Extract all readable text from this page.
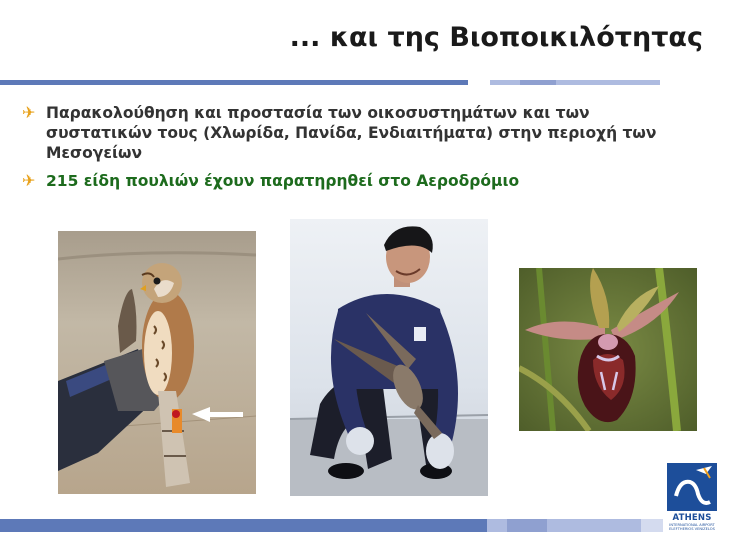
... και της Βιοποικιλότητας
✈ Παρακολούθηση και προστασία των οικοσυστημάτων και των συστατικών τους (Χλωρίδα, Πανίδα, Ενδιαιτήματα) στην περιοχή των Μεσογείων
✈ 215 είδη πουλιών έχουν παρατηρηθεί στο Αεροδρόμιο
ATHENS
INTERNATIONAL AIRPORT ELEFTHERIOS VENIZELOS
